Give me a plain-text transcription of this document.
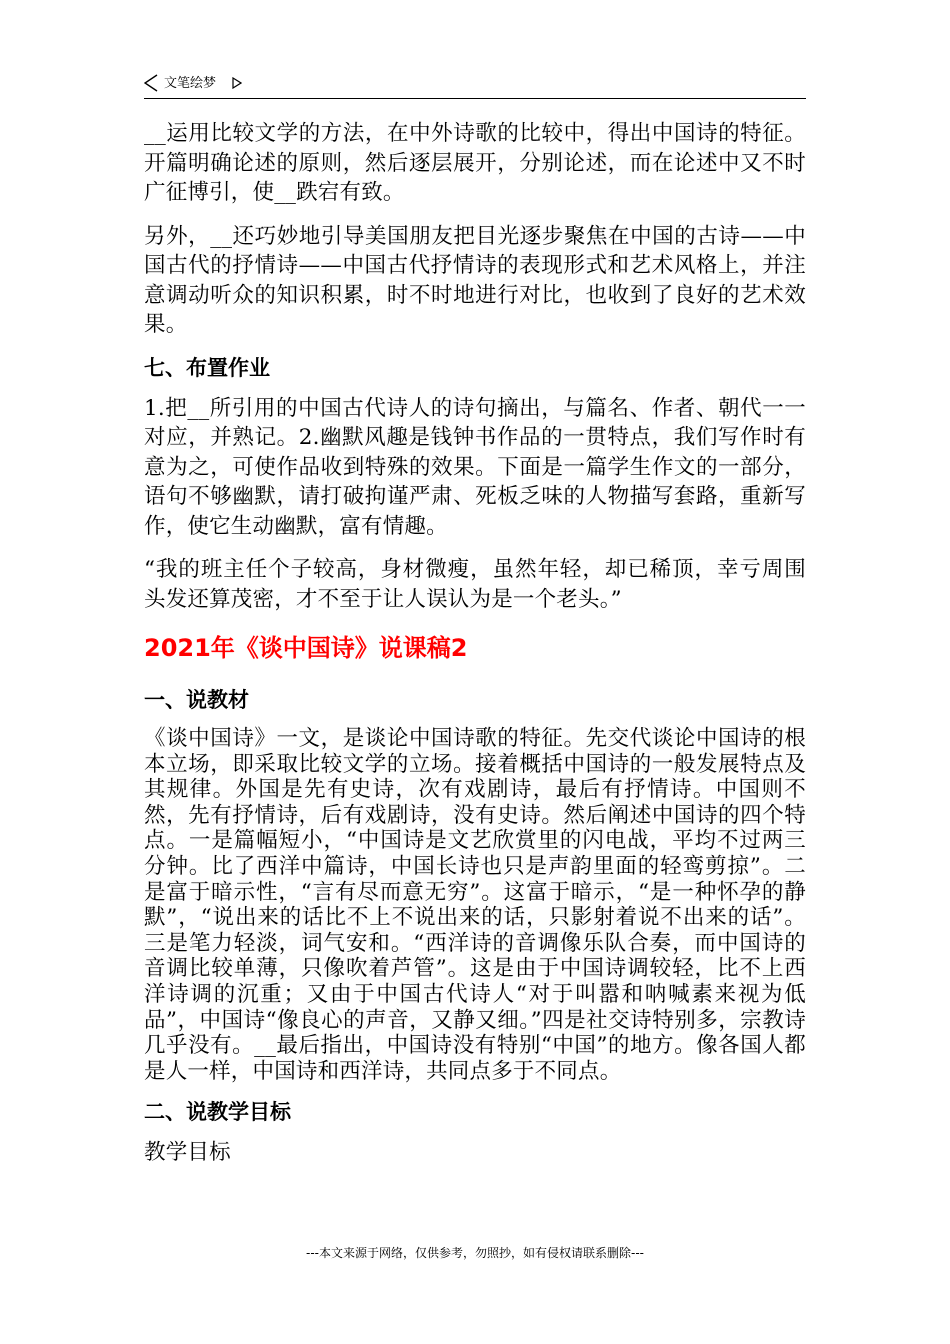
文笔绘梦

__运用比较文学的方法，在中外诗歌的比较中，得出中国诗的特征。开篇明确论述的原则，然后逐层展开，分别论述，而在论述中又不时广征博引，使__跌宕有致。

另外，__还巧妙地引导美国朋友把目光逐步聚焦在中国的古诗——中国古代的抒情诗——中国古代抒情诗的表现形式和艺术风格上，并注意调动听众的知识积累，时不时地进行对比，也收到了良好的艺术效果。

七、布置作业

1.把__所引用的中国古代诗人的诗句摘出，与篇名、作者、朝代一一对应，并熟记。2.幽默风趣是钱钟书作品的一贯特点，我们写作时有意为之，可使作品收到特殊的效果。下面是一篇学生作文的一部分，语句不够幽默，请打破拘谨严肃、死板乏味的人物描写套路，重新写作，使它生动幽默，富有情趣。

“我的班主任个子较高，身材微瘦，虽然年轻，却已稀顶，幸亏周围头发还算茂密，才不至于让人误认为是一个老头。”

2021年《谈中国诗》说课稿2
一、说教材

《谈中国诗》一文，是谈论中国诗歌的特征。先交代谈论中国诗的根本立场，即采取比较文学的立场。接着概括中国诗的一般发展特点及其规律。外国是先有史诗，次有戏剧诗，最后有抒情诗。中国则不然，先有抒情诗，后有戏剧诗，没有史诗。然后阐述中国诗的四个特点。一是篇幅短小，“中国诗是文艺欣赏里的闪电战，平均不过两三分钟。比了西洋中篇诗，中国长诗也只是声韵里面的轻鸾剪掠”。二是富于暗示性，“言有尽而意无穷”。这富于暗示，“是一种怀孕的静默”，“说出来的话比不上不说出来的话，只影射着说不出来的话”。三是笔力轻淡，词气安和。“西洋诗的音调像乐队合奏，而中国诗的音调比较单薄，只像吹着芦管”。这是由于中国诗调较轻，比不上西洋诗调的沉重；又由于中国古代诗人“对于叫嚣和呐喊素来视为低品”，中国诗“像良心的声音，又静又细。”四是社交诗特别多，宗教诗几乎没有。__最后指出，中国诗没有特别“中国”的地方。像各国人都是人一样，中国诗和西洋诗，共同点多于不同点。

二、说教学目标

教学目标

---本文来源于网络，仅供参考，勿照抄，如有侵权请联系删除---
